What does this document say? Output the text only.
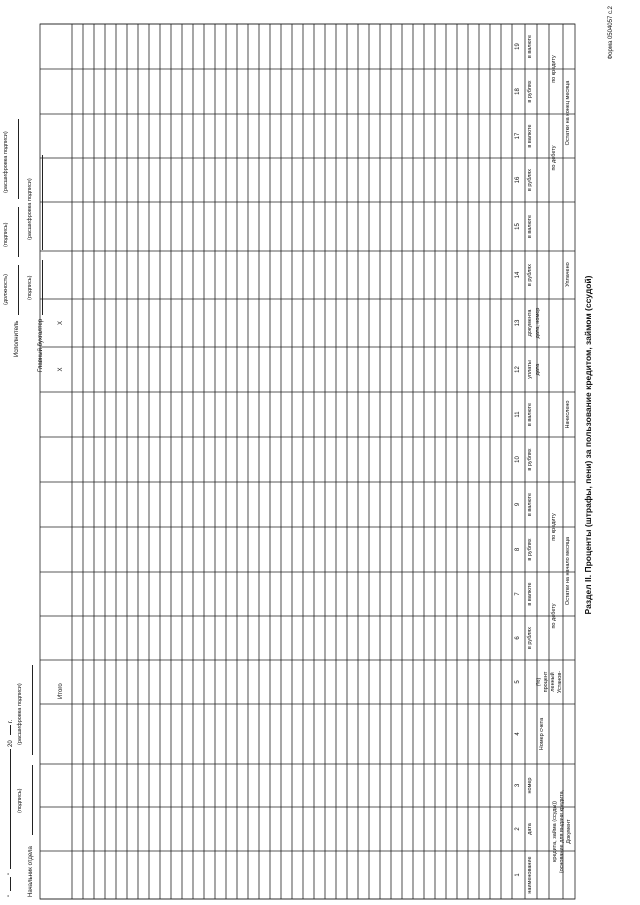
Форма 0504057 с.2
Раздел II. Проценты (штрафы, пени) за пользование кредитом, займом (ссудой)
Документ
(основание для выдачи кредита,
кредита, займа (ссуды))
наименование
дата
номер
Номер счета
Установ-
ленный
процент
(%)
Остатки на начало месяца
по дебету
по кредиту
в рублях
в валюте
в рублях
в валюте
Начислено
в рублях
в валюте
дата
уплаты
Уплачено
дата, номер
документа
в рублях
в валюте
Остатки на конец месяца
по дебету
по кредиту
в рублях
в валюте
в рублях
в валюте
1
2
3
4
5
6
7
8
9
10
11
12
13
14
15
16
17
18
19
Итого
X
X
Начальник отдела
(подпись)
(расшифровка подписи)
"
"
20
г.
Главный бухгалтер
(подпись)
(расшифровка подписи)
Исполнитель
(должность)
(подпись)
(расшифровка подписи)
